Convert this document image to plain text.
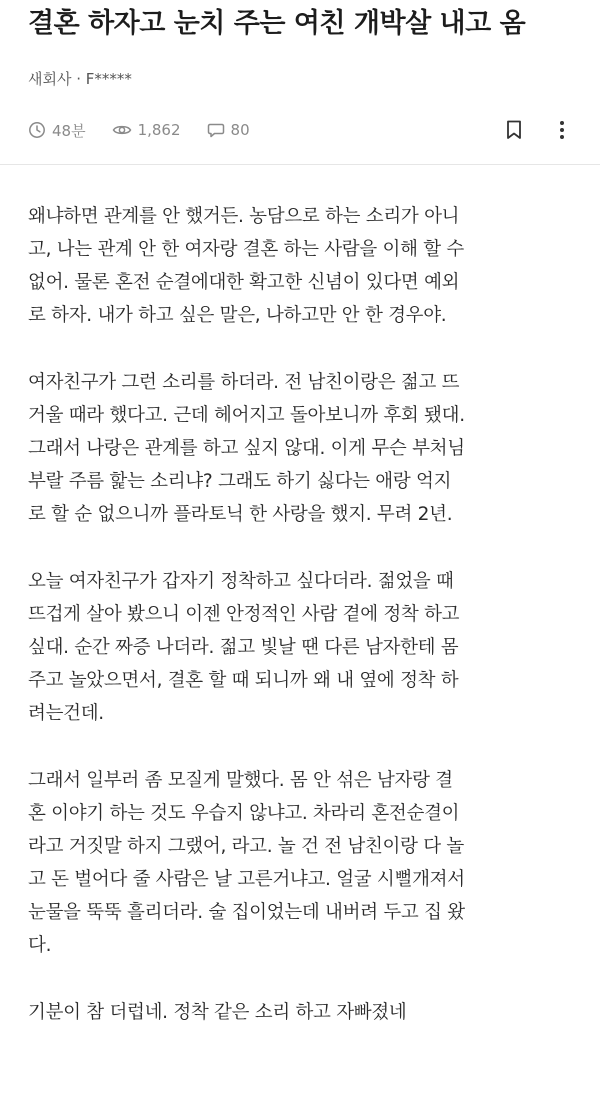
결혼 하자고 눈치 주는 여친 개박살 내고 옴
새회사 · F*****
48분	1,862	80

왜냐하면 관계를 안 했거든. 농담으로 하는 소리가 아니
고, 나는 관계 안 한 여자랑 결혼 하는 사람을 이해 할 수
없어. 물론 혼전 순결에대한 확고한 신념이 있다면 예외
로 하자. 내가 하고 싶은 말은, 나하고만 안 한 경우야.

여자친구가 그런 소리를 하더라. 전 남친이랑은 젊고 뜨
거울 때라 했다고. 근데 헤어지고 돌아보니까 후회 됐대.
그래서 나랑은 관계를 하고 싶지 않대. 이게 무슨 부처님
부랄 주름 핥는 소리냐? 그래도 하기 싫다는 애랑 억지
로 할 순 없으니까 플라토닉 한 사랑을 했지. 무려 2년.

오늘 여자친구가 갑자기 정착하고 싶다더라. 젊었을 때
뜨겁게 살아 봤으니 이젠 안정적인 사람 곁에 정착 하고
싶대. 순간 짜증 나더라. 젊고 빛날 땐 다른 남자한테 몸
주고 놀았으면서, 결혼 할 때 되니까 왜 내 옆에 정착 하
려는건데.

그래서 일부러 좀 모질게 말했다. 몸 안 섞은 남자랑 결
혼 이야기 하는 것도 우습지 않냐고. 차라리 혼전순결이
라고 거짓말 하지 그랬어, 라고. 놀 건 전 남친이랑 다 놀
고 돈 벌어다 줄 사람은 날 고른거냐고. 얼굴 시뻘개져서
눈물을 뚝뚝 흘리더라. 술 집이었는데 내버려 두고 집 왔
다.

기분이 참 더럽네. 정착 같은 소리 하고 자빠졌네
